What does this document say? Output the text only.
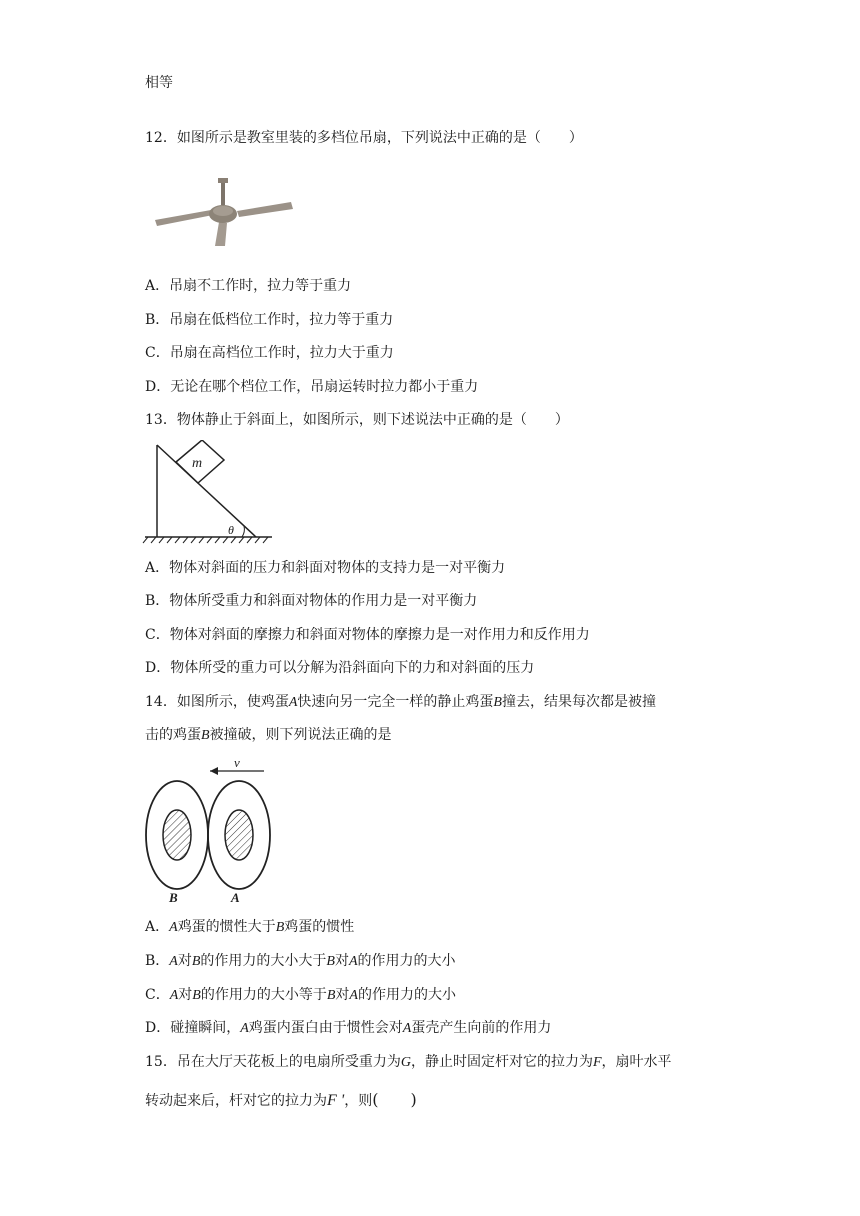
相等
12．如图所示是教室里装的多档位吊扇，下列说法中正确的是（　　）
A．吊扇不工作时，拉力等于重力
B．吊扇在低档位工作时，拉力等于重力
C．吊扇在高档位工作时，拉力大于重力
D．无论在哪个档位工作，吊扇运转时拉力都小于重力
13．物体静止于斜面上，如图所示，则下述说法中正确的是（　　）
m
θ
A．物体对斜面的压力和斜面对物体的支持力是一对平衡力
B．物体所受重力和斜面对物体的作用力是一对平衡力
C．物体对斜面的摩擦力和斜面对物体的摩擦力是一对作用力和反作用力
D．物体所受的重力可以分解为沿斜面向下的力和对斜面的压力
14．如图所示，使鸡蛋A快速向另一完全一样的静止鸡蛋B撞去，结果每次都是被撞
击的鸡蛋B被撞破，则下列说法正确的是
v
B	A
A．A鸡蛋的惯性大于B鸡蛋的惯性
B．A对B的作用力的大小大于B对A的作用力的大小
C．A对B的作用力的大小等于B对A的作用力的大小
D．碰撞瞬间，A鸡蛋内蛋白由于惯性会对A蛋壳产生向前的作用力
15．吊在大厅天花板上的电扇所受重力为G，静止时固定杆对它的拉力为F，扇叶水平
转动起来后，杆对它的拉力为F '，则(　　)
